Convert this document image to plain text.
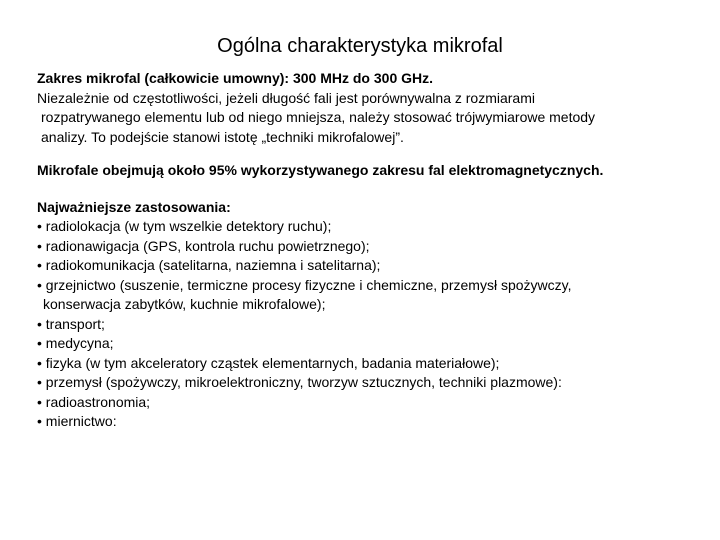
Ogólna charakterystyka mikrofal

Zakres mikrofal (całkowicie umowny): 300 MHz do 300 GHz.

Niezależnie od częstotliwości, jeżeli długość fali jest porównywalna z rozmiarami

rozpatrywanego elementu lub od niego mniejsza, należy stosować trójwymiarowe metody

analizy. To podejście stanowi istotę „techniki mikrofalowej”.

Mikrofale obejmują około 95% wykorzystywanego zakresu fal elektromagnetycznych.

Najważniejsze zastosowania:

• radiolokacja (w tym wszelkie detektory ruchu);
• radionawigacja (GPS, kontrola ruchu powietrznego);
• radiokomunikacja (satelitarna, naziemna i satelitarna);
• grzejnictwo (suszenie, termiczne procesy fizyczne i chemiczne, przemysł spożywczy,
konserwacja zabytków, kuchnie mikrofalowe);
• transport;
• medycyna;
• fizyka (w tym akceleratory cząstek elementarnych, badania materiałowe);
• przemysł (spożywczy, mikroelektroniczny, tworzyw sztucznych, techniki plazmowe):
• radioastronomia;
• miernictwo:
